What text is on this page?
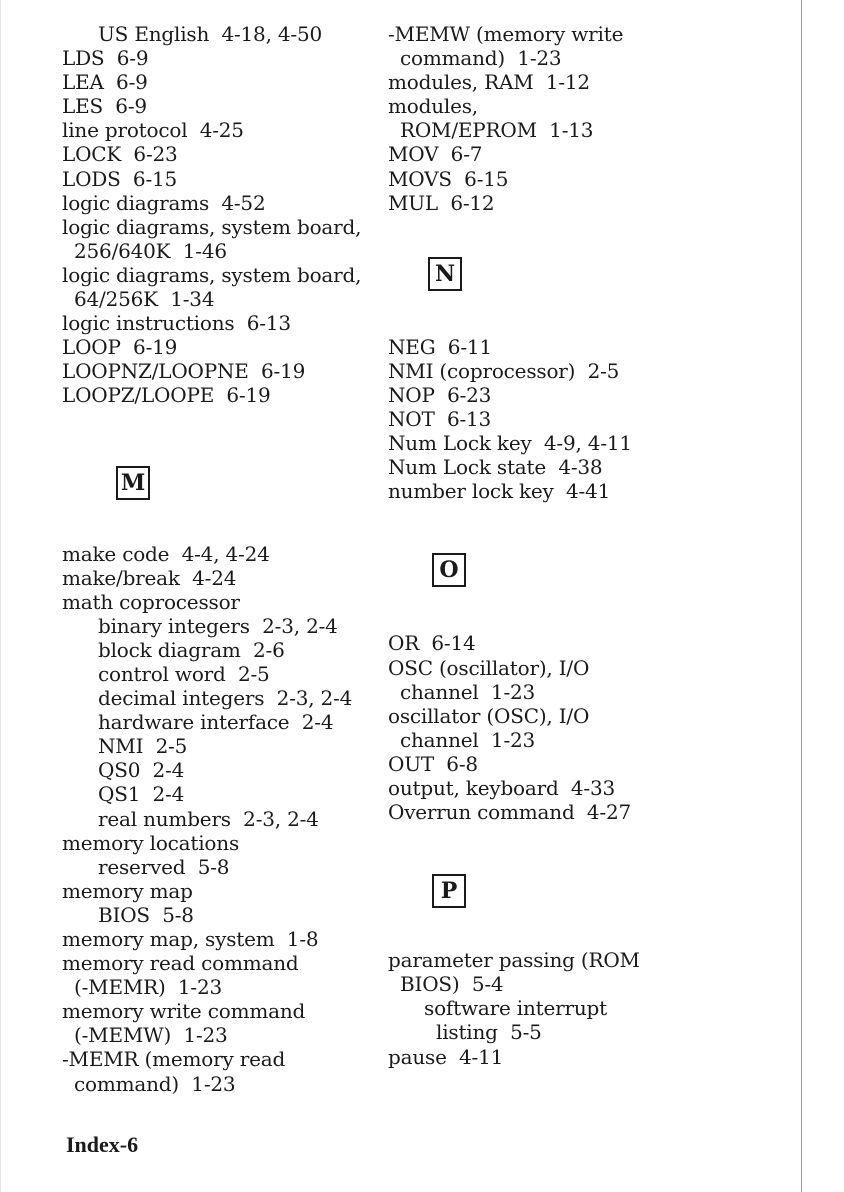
US English  4-18, 4-50
LDS  6-9
LEA  6-9
LES  6-9
line protocol  4-25
LOCK  6-23
LODS  6-15
logic diagrams  4-52
logic diagrams, system board,
256/640K  1-46
logic diagrams, system board,
64/256K  1-34
logic instructions  6-13
LOOP  6-19
LOOPNZ/LOOPNE  6-19
LOOPZ/LOOPE  6-19
M
make code  4-4, 4-24
make/break  4-24
math coprocessor
binary integers  2-3, 2-4
block diagram  2-6
control word  2-5
decimal integers  2-3, 2-4
hardware interface  2-4
NMI  2-5
QS0  2-4
QS1  2-4
real numbers  2-3, 2-4
memory locations
reserved  5-8
memory map
BIOS  5-8
memory map, system  1-8
memory read command
(-MEMR)  1-23
memory write command
(-MEMW)  1-23
-MEMR (memory read
command)  1-23
-MEMW (memory write
command)  1-23
modules, RAM  1-12
modules,
ROM/EPROM  1-13
MOV  6-7
MOVS  6-15
MUL  6-12
N
NEG  6-11
NMI (coprocessor)  2-5
NOP  6-23
NOT  6-13
Num Lock key  4-9, 4-11
Num Lock state  4-38
number lock key  4-41
O
OR  6-14
OSC (oscillator), I/O
channel  1-23
oscillator (OSC), I/O
channel  1-23
OUT  6-8
output, keyboard  4-33
Overrun command  4-27
P
parameter passing (ROM
BIOS)  5-4
software interrupt
listing  5-5
pause  4-11
Index-6
